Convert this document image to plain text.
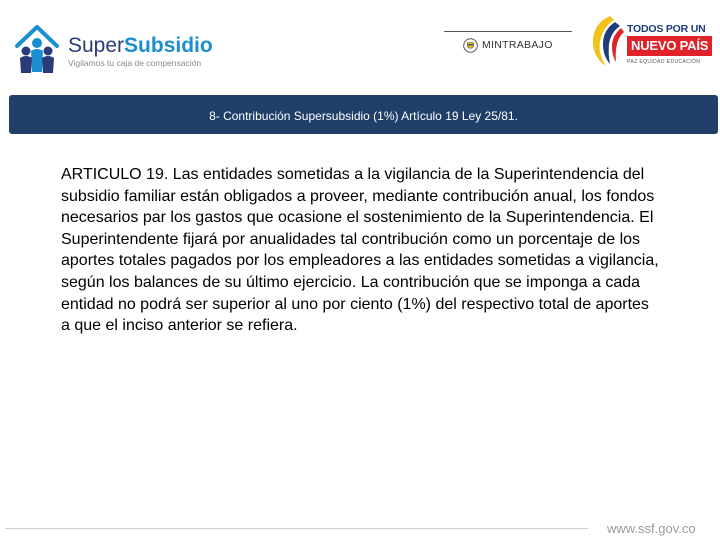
SuperSubsidio
Vigilamos tu caja de compensación
MINTRABAJO
TODOS POR UN
NUEVO PAÍS
PAZ EQUIDAD EDUCACIÓN
8- Contribución Supersubsidio (1%) Artículo 19 Ley 25/81.

ARTICULO 19. Las entidades sometidas a la vigilancia de la Superintendencia del subsidio familiar están obligados a proveer, mediante contribución anual, los fondos necesarios par los gastos que ocasione el sostenimiento de la Superintendencia. El Superintendente fijará por anualidades tal contribución como un porcentaje de los aportes totales pagados por los empleadores a las entidades sometidas a vigilancia, según los balances de su último ejercicio. La contribución que se imponga a cada entidad no podrá ser superior al uno por ciento (1%) del respectivo total de aportes a que el inciso anterior se refiera.

www.ssf.gov.co
